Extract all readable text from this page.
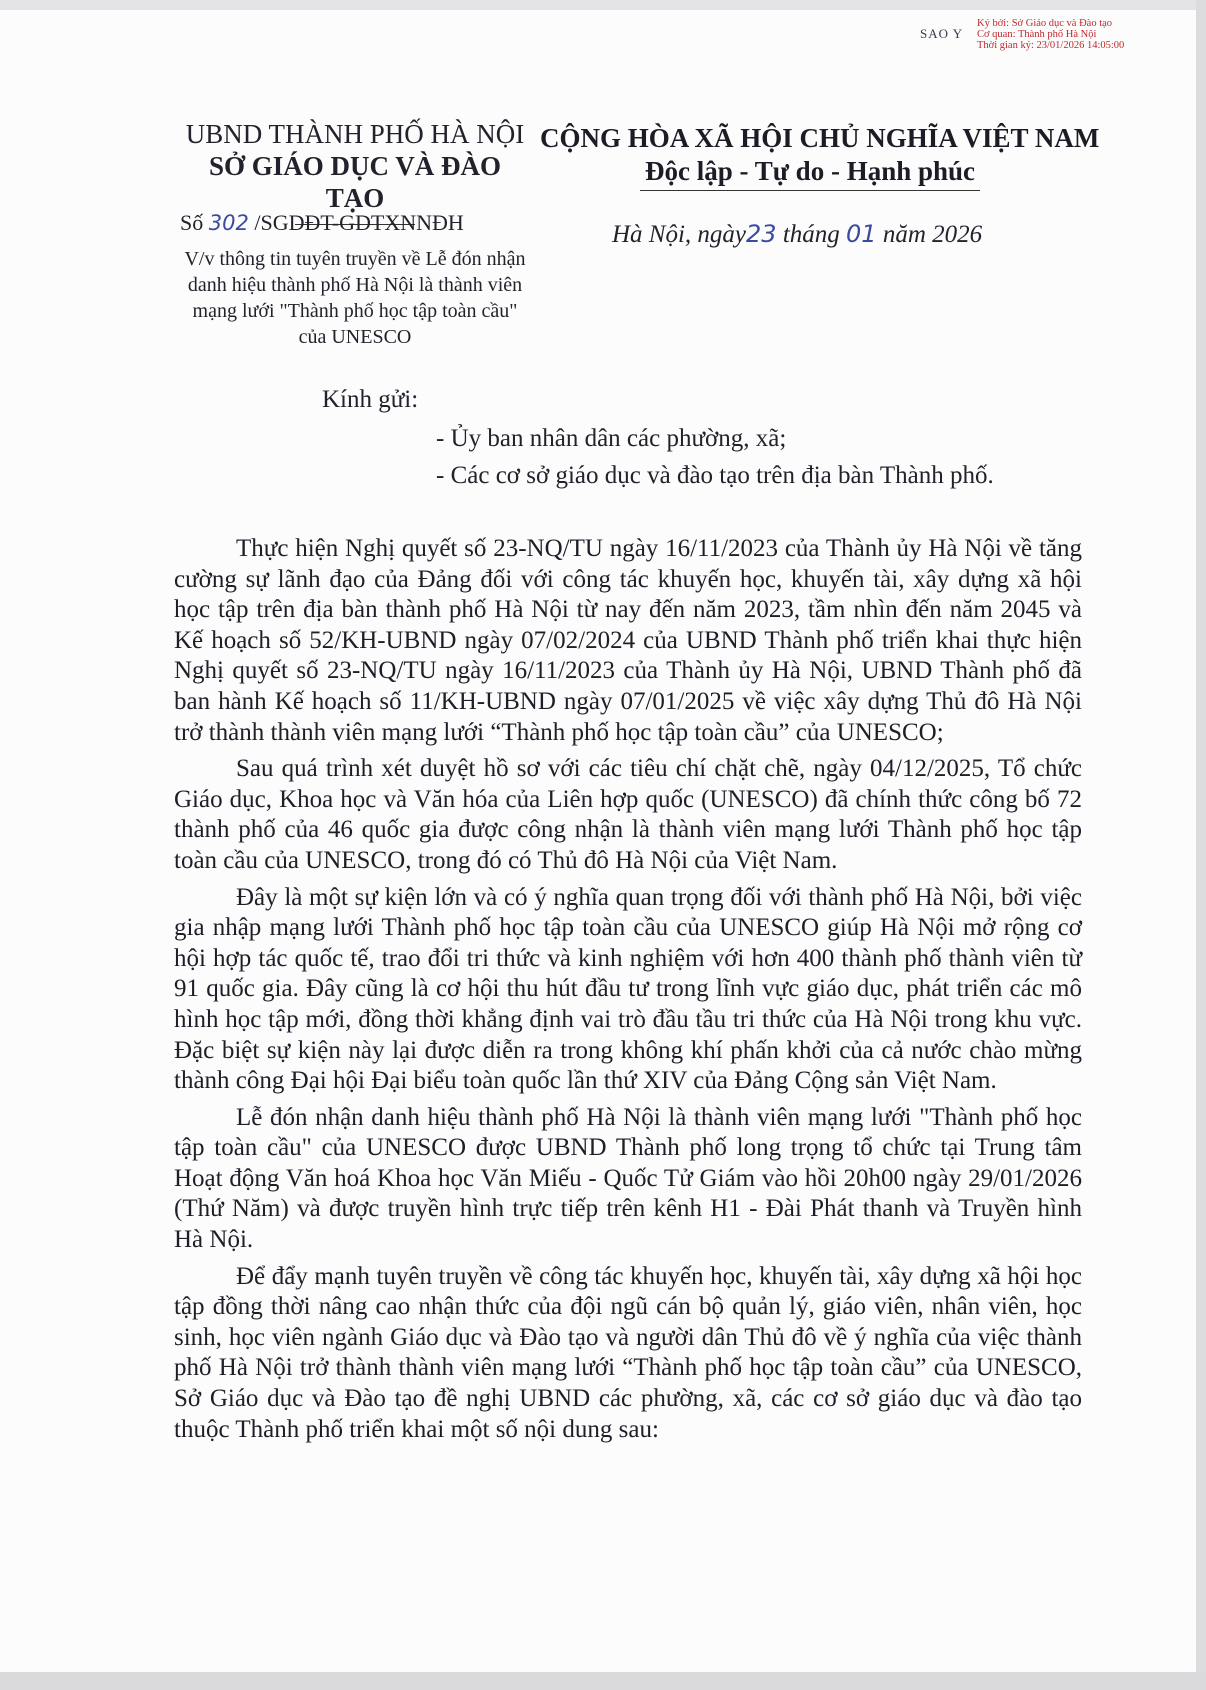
SAO Y
Ký bởi: Sở Giáo dục và Đào tạo
Cơ quan: Thành phố Hà Nội
Thời gian ký: 23/01/2026 14:05:00
UBND THÀNH PHỐ HÀ NỘI
SỞ GIÁO DỤC VÀ ĐÀO TẠO
CỘNG HÒA XÃ HỘI CHỦ NGHĨA VIỆT NAM
Độc lập - Tự do - Hạnh phúc
Số 302 /SGDĐT-GDTXNNĐH
V/v thông tin tuyên truyền về Lễ đón nhận danh hiệu thành phố Hà Nội là thành viên mạng lưới "Thành phố học tập toàn cầu" của UNESCO
Hà Nội, ngày23 tháng 01 năm 2026
Kính gửi:
- Ủy ban nhân dân các phường, xã;
- Các cơ sở giáo dục và đào tạo trên địa bàn Thành phố.

Thực hiện Nghị quyết số 23-NQ/TU ngày 16/11/2023 của Thành ủy Hà Nội về tăng cường sự lãnh đạo của Đảng đối với công tác khuyến học, khuyến tài, xây dựng xã hội học tập trên địa bàn thành phố Hà Nội từ nay đến năm 2023, tầm nhìn đến năm 2045 và Kế hoạch số 52/KH-UBND ngày 07/02/2024 của UBND Thành phố triển khai thực hiện Nghị quyết số 23-NQ/TU ngày 16/11/2023 của Thành ủy Hà Nội, UBND Thành phố đã ban hành Kế hoạch số 11/KH-UBND ngày 07/01/2025 về việc xây dựng Thủ đô Hà Nội trở thành thành viên mạng lưới “Thành phố học tập toàn cầu” của UNESCO;

Sau quá trình xét duyệt hồ sơ với các tiêu chí chặt chẽ, ngày 04/12/2025, Tổ chức Giáo dục, Khoa học và Văn hóa của Liên hợp quốc (UNESCO) đã chính thức công bố 72 thành phố của 46 quốc gia được công nhận là thành viên mạng lưới Thành phố học tập toàn cầu của UNESCO, trong đó có Thủ đô Hà Nội của Việt Nam.

Đây là một sự kiện lớn và có ý nghĩa quan trọng đối với thành phố Hà Nội, bởi việc gia nhập mạng lưới Thành phố học tập toàn cầu của UNESCO giúp Hà Nội mở rộng cơ hội hợp tác quốc tế, trao đổi tri thức và kinh nghiệm với hơn 400 thành phố thành viên từ 91 quốc gia. Đây cũng là cơ hội thu hút đầu tư trong lĩnh vực giáo dục, phát triển các mô hình học tập mới, đồng thời khẳng định vai trò đầu tầu tri thức của Hà Nội trong khu vực. Đặc biệt sự kiện này lại được diễn ra trong không khí phấn khởi của cả nước chào mừng thành công Đại hội Đại biểu toàn quốc lần thứ XIV của Đảng Cộng sản Việt Nam.

Lễ đón nhận danh hiệu thành phố Hà Nội là thành viên mạng lưới "Thành phố học tập toàn cầu" của UNESCO được UBND Thành phố long trọng tổ chức tại Trung tâm Hoạt động Văn hoá Khoa học Văn Miếu - Quốc Tử Giám vào hồi 20h00 ngày 29/01/2026 (Thứ Năm) và được truyền hình trực tiếp trên kênh H1 - Đài Phát thanh và Truyền hình Hà Nội.

Để đẩy mạnh tuyên truyền về công tác khuyến học, khuyến tài, xây dựng xã hội học tập đồng thời nâng cao nhận thức của đội ngũ cán bộ quản lý, giáo viên, nhân viên, học sinh, học viên ngành Giáo dục và Đào tạo và người dân Thủ đô về ý nghĩa của việc thành phố Hà Nội trở thành thành viên mạng lưới “Thành phố học tập toàn cầu” của UNESCO, Sở Giáo dục và Đào tạo đề nghị UBND các phường, xã, các cơ sở giáo dục và đào tạo thuộc Thành phố triển khai một số nội dung sau:
